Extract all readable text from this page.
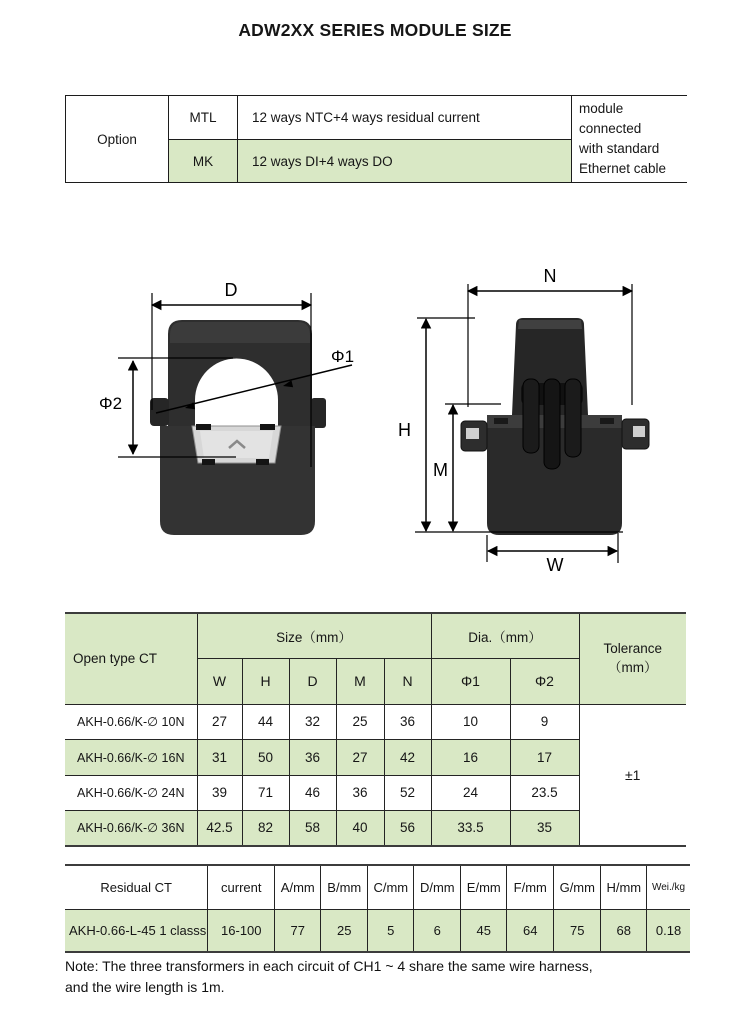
ADW2XX SERIES MODULE SIZE
Option	MTL	12 ways NTC+4 ways residual current	module
connected
with standard
Ethernet cable

	MK	12 ways DI+4 ways DO	
D
Φ2
Φ1
N
H
M
W
Open type CT	Size（mm）					Dia.（mm）		Tolerance
（mm）

	W	H	D	M	N	Φ1	Φ2	
AKH-0.66/K-∅ 10N	27	44	32	25	36	10	9	±1
AKH-0.66/K-∅ 16N	31	50	36	27	42	16	17	
AKH-0.66/K-∅ 24N	39	71	46	36	52	24	23.5	
AKH-0.66/K-∅ 36N	42.5	82	58	40	56	33.5	35	
Residual CT	current	A/mm	B/mm	C/mm	D/mm	E/mm	F/mm	G/mm	H/mm	Wei./kg
AKH-0.66-L-45 1 classs	16-100	77	25	5	6	45	64	75	68	0.18
Note: The three transformers in each circuit of CH1 ~ 4 share the same wire harness,
and the wire length is 1m.
